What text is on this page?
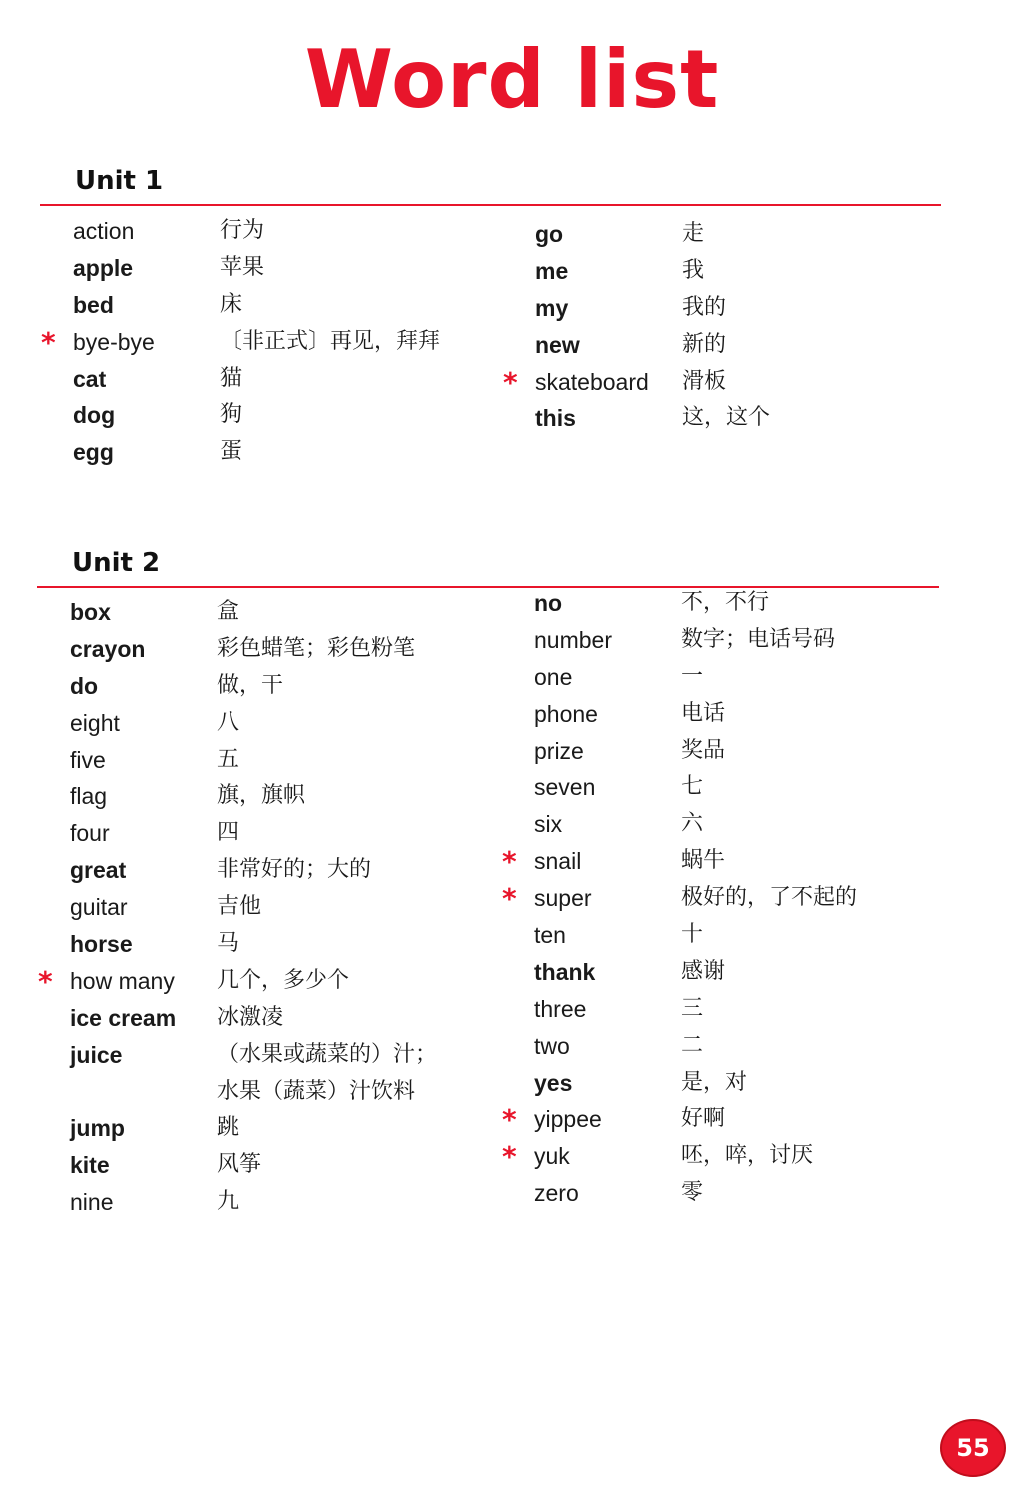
Word list
Unit 1
action	行为
apple	苹果
bed	床
* bye-bye	〔非正式〕再见，拜拜
cat	猫
dog	狗
egg	蛋
go	走
me	我
my	我的
new	新的
* skateboard 滑板
this	这，这个
Unit 2
box	盒
crayon	彩色蜡笔；彩色粉笔
do	做，干
eight	八
five	五
flag	旗，旗帜
four	四
great	非常好的；大的
guitar	吉他
horse	马
* how many 几个，多少个
ice cream 冰激凌
juice	（水果或蔬菜的）汁；
水果（蔬菜）汁饮料
jump	跳
kite	风筝
nine	九
no	不，不行
number	数字；电话号码
one	一
phone	电话
prize	奖品
seven	七
six	六
* snail	蜗牛
* super	极好的，了不起的
ten	十
thank	感谢
three	三
two	二
yes	是，对
* yippee	好啊
* yuk	呸，啐，讨厌
zero	零
55
